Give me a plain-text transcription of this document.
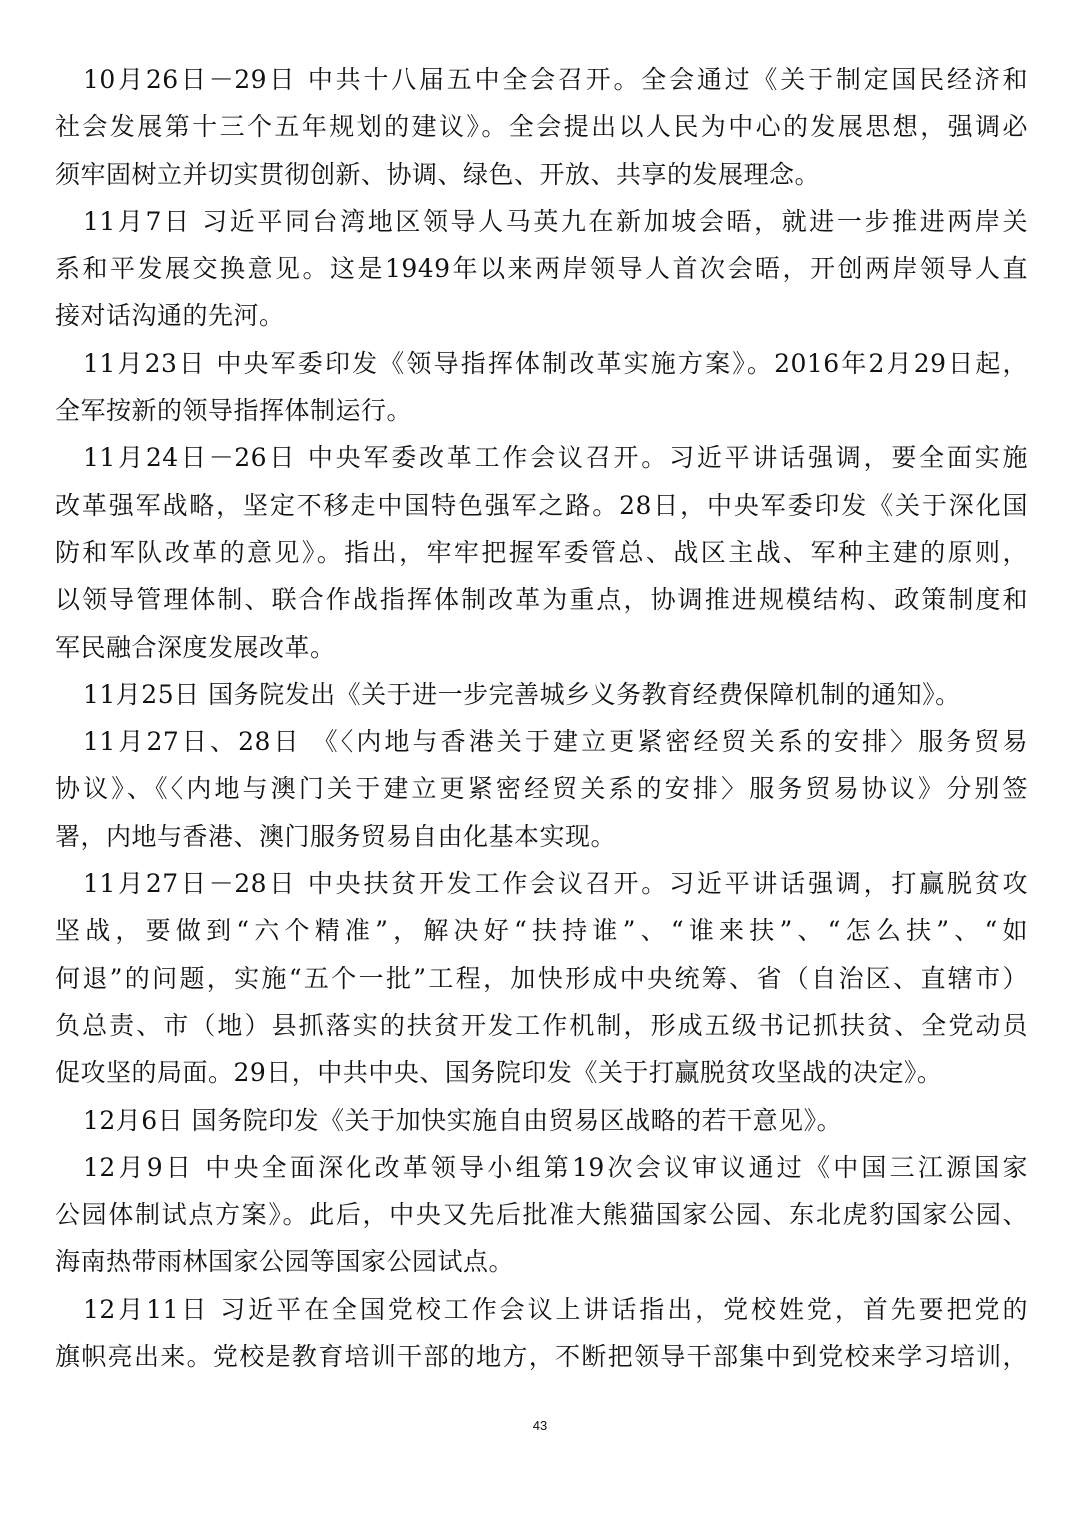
10月26日－29日 中共十八届五中全会召开。全会通过《关于制定国民经济和
社会发展第十三个五年规划的建议》。全会提出以人民为中心的发展思想，强调必
须牢固树立并切实贯彻创新、协调、绿色、开放、共享的发展理念。
11月7日 习近平同台湾地区领导人马英九在新加坡会晤，就进一步推进两岸关
系和平发展交换意见。这是1949年以来两岸领导人首次会晤，开创两岸领导人直
接对话沟通的先河。
11月23日 中央军委印发《领导指挥体制改革实施方案》。2016年2月29日起，
全军按新的领导指挥体制运行。
11月24日－26日 中央军委改革工作会议召开。习近平讲话强调，要全面实施
改革强军战略，坚定不移走中国特色强军之路。28日，中央军委印发《关于深化国
防和军队改革的意见》。指出，牢牢把握军委管总、战区主战、军种主建的原则，
以领导管理体制、联合作战指挥体制改革为重点，协调推进规模结构、政策制度和
军民融合深度发展改革。
11月25日 国务院发出《关于进一步完善城乡义务教育经费保障机制的通知》。
11月27日、28日 《〈内地与香港关于建立更紧密经贸关系的安排〉服务贸易
协议》、《〈内地与澳门关于建立更紧密经贸关系的安排〉服务贸易协议》分别签
署，内地与香港、澳门服务贸易自由化基本实现。
11月27日－28日 中央扶贫开发工作会议召开。习近平讲话强调，打赢脱贫攻
坚战，要做到“六个精准”，解决好“扶持谁”、“谁来扶”、“怎么扶”、“如
何退”的问题，实施“五个一批”工程，加快形成中央统筹、省（自治区、直辖市）
负总责、市（地）县抓落实的扶贫开发工作机制，形成五级书记抓扶贫、全党动员
促攻坚的局面。29日，中共中央、国务院印发《关于打赢脱贫攻坚战的决定》。
12月6日 国务院印发《关于加快实施自由贸易区战略的若干意见》。
12月9日 中央全面深化改革领导小组第19次会议审议通过《中国三江源国家
公园体制试点方案》。此后，中央又先后批准大熊猫国家公园、东北虎豹国家公园、
海南热带雨林国家公园等国家公园试点。
12月11日 习近平在全国党校工作会议上讲话指出，党校姓党，首先要把党的
旗帜亮出来。党校是教育培训干部的地方，不断把领导干部集中到党校来学习培训，
43
